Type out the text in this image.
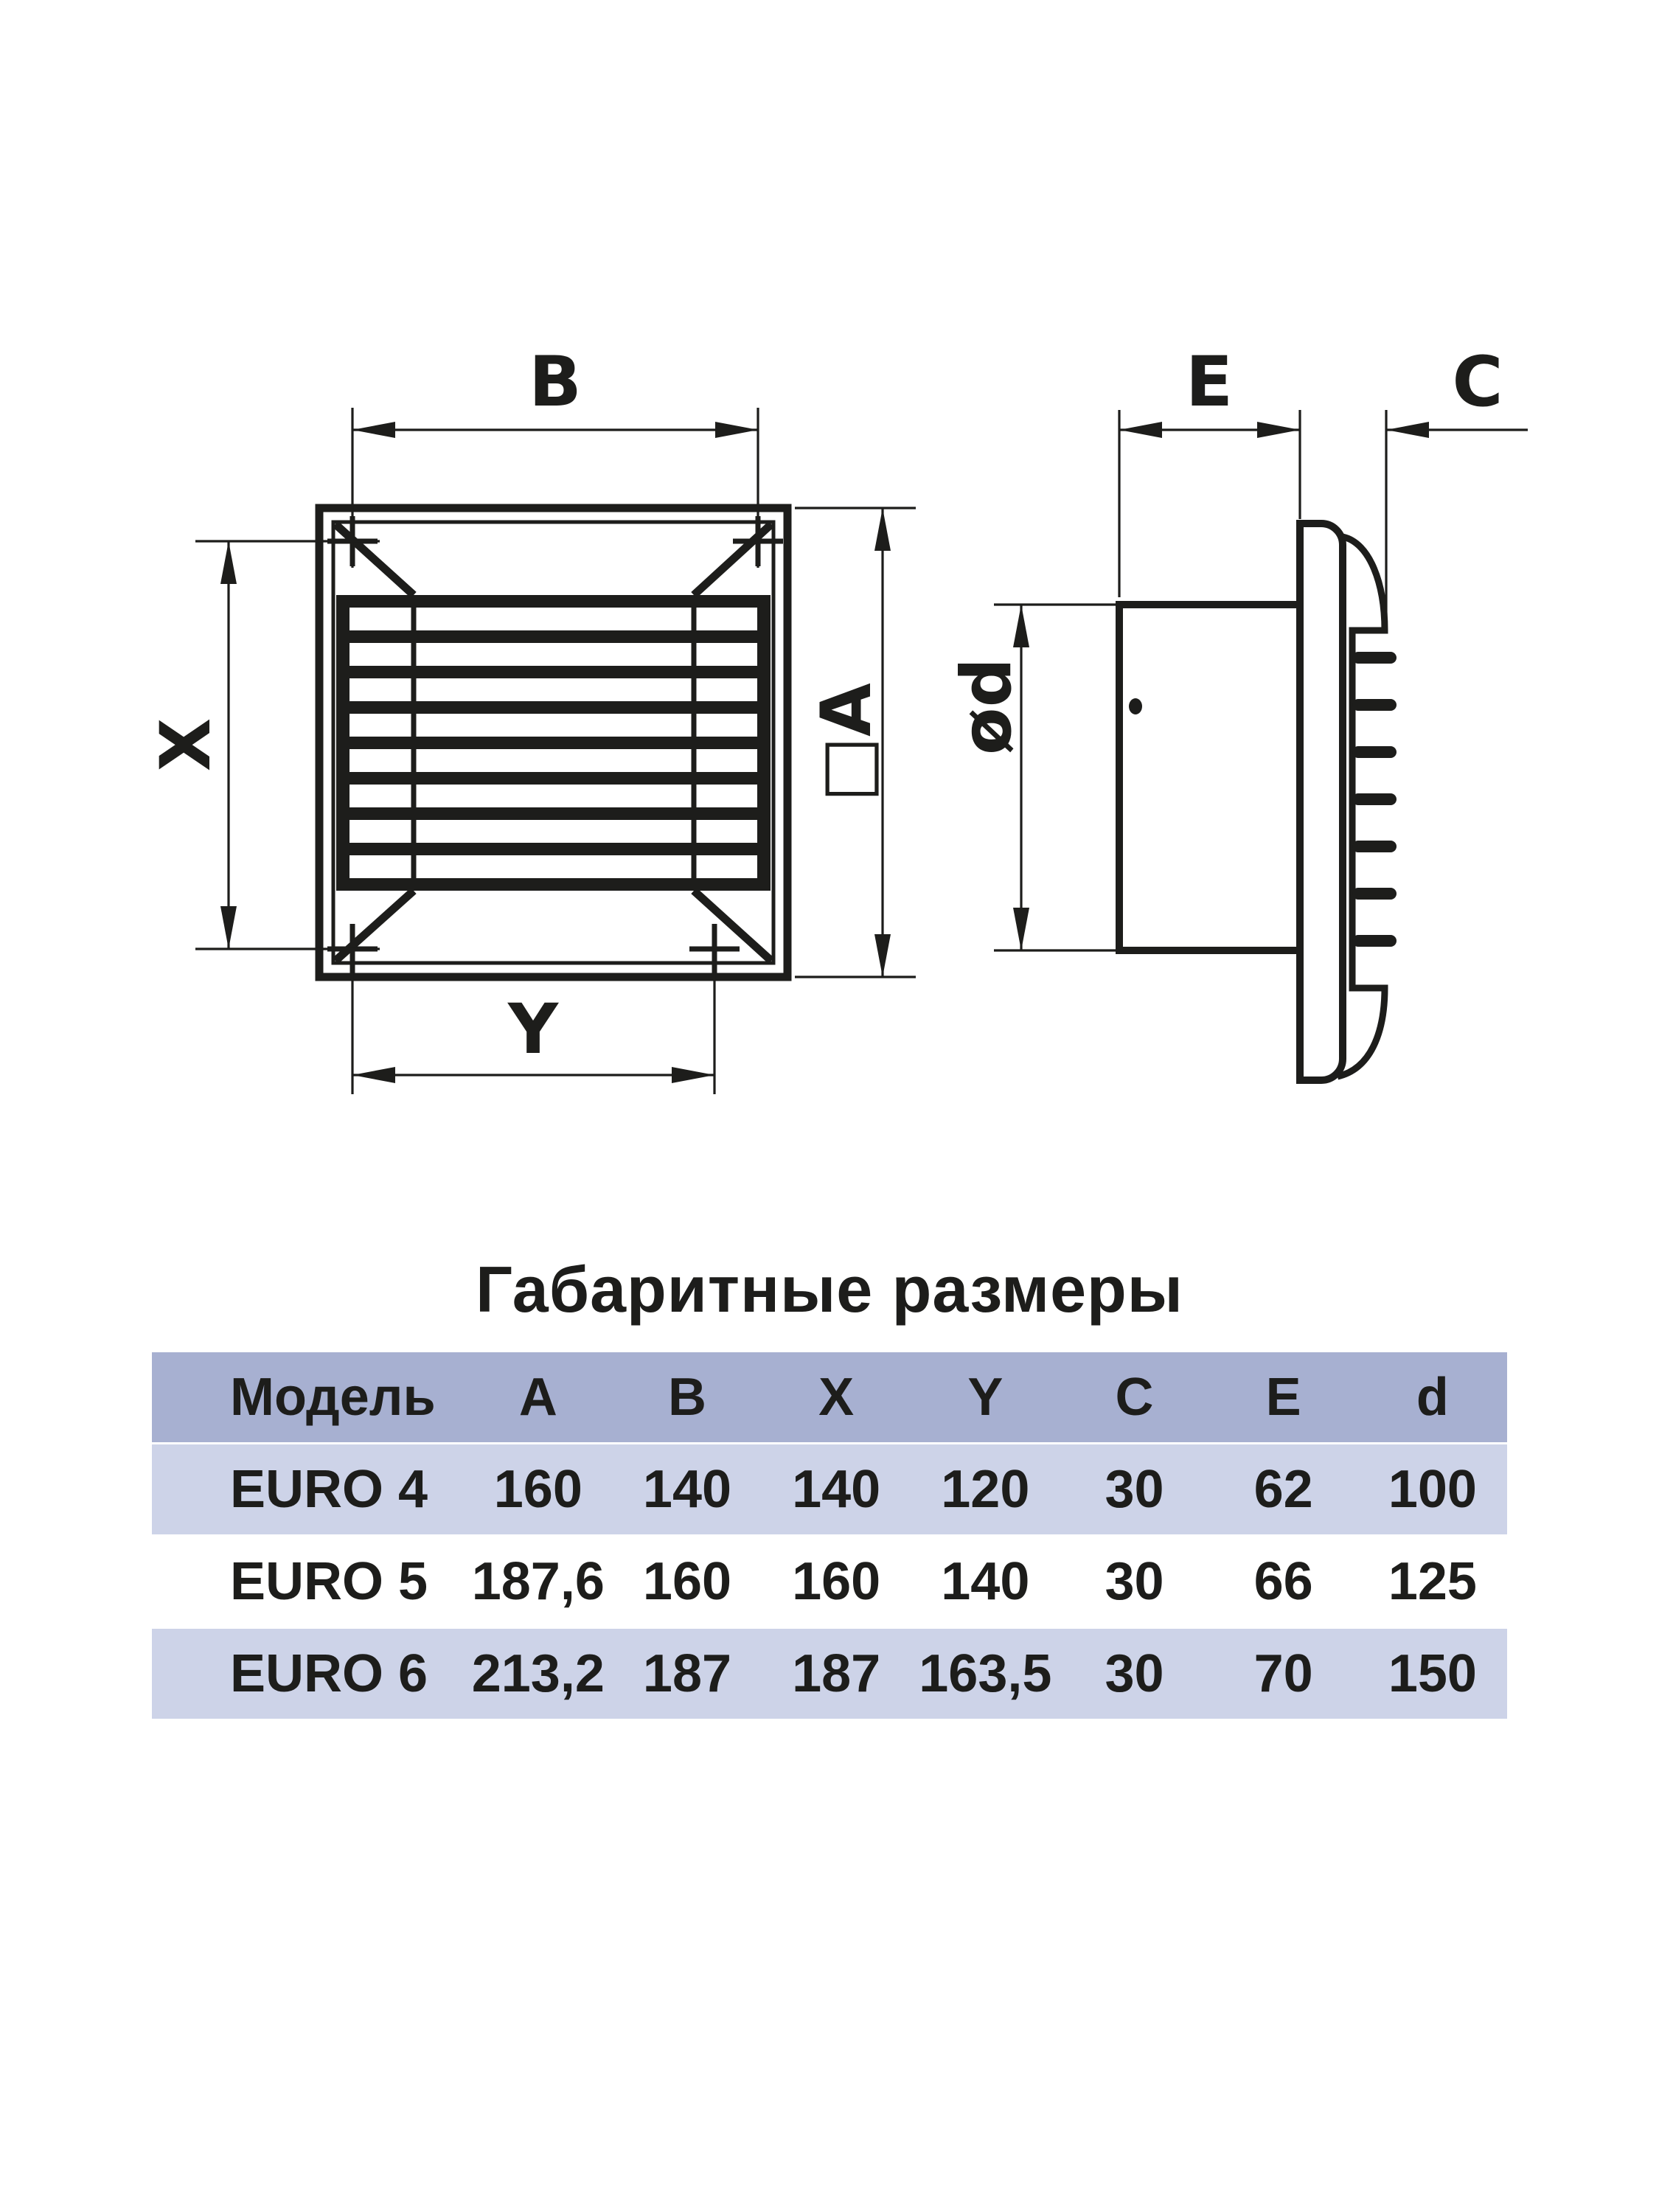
B
X	□A
Y
E	C
ød
Габаритные размеры
Модель	A	B	X	Y	C	E	d
EURO 4	160	140	140	120	30	62	100
EURO 5	187,6	160	160	140	30	66	125
EURO 6	213,2	187	187	163,5	30	70	150
